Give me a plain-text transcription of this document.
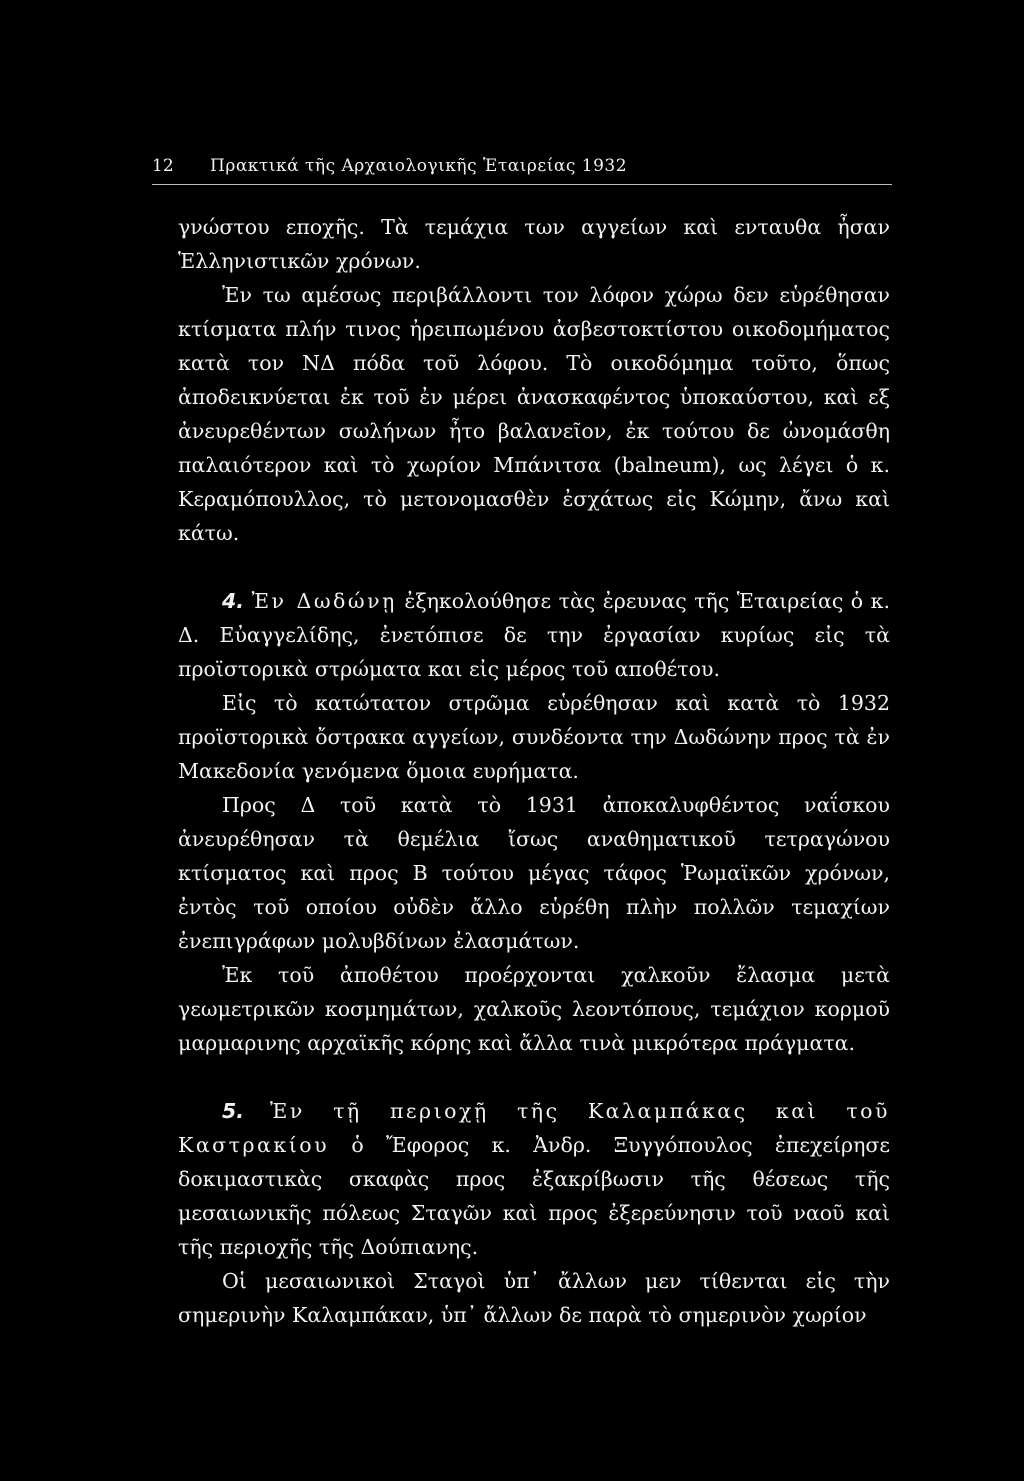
12 Πρακτικά τῆς Αρχαιολογικῆς Ἑταιρείας 1932

γνώστου εποχῆς. Τὰ τεμάχια των αγγείων καὶ ενταυθα ἦσαν Ἑλληνιστικῶν χρόνων.

Ἐν τω αμέσως περιβάλλοντι τον λόφον χώρω δεν εὑρέθησαν κτίσματα πλήν τινος ἠρειπωμένου ἀσβεστοκτίστου οικοδομήματος κατὰ τον ΝΔ πόδα τοῦ λόφου. Τὸ οικοδόμημα τοῦτο, ὅπως ἀποδεικνύεται ἐκ τοῦ ἐν μέρει ἀνασκαφέντος ὑποκαύστου, καὶ εξ ἀνευρεθέντων σωλήνων ἦτο βαλανεῖον, ἐκ τούτου δε ὠνομάσθη παλαιότερον καὶ τὸ χωρίον Μπάνιτσα (balneum), ως λέγει ὁ κ. Κεραμόπουλλος, τὸ μετονομασθὲν ἐσχάτως εἰς Κώμην, ἄνω καὶ κάτω.

4. Ἐν Δωδώνῃ ἐξηκολούθησε τὰς ἐρευνας τῆς Ἑταιρείας ὁ κ. Δ. Εὐαγγελίδης, ἐνετόπισε δε την ἐργασίαν κυρίως εἰς τὰ προϊστορικὰ στρώματα και εἰς μέρος τοῦ αποθέτου.

Εἰς τὸ κατώτατον στρῶμα εὑρέθησαν καὶ κατὰ τὸ 1932 προϊστορικὰ ὄστρακα αγγείων, συνδέοντα την Δωδώνην προς τὰ ἐν Μακεδονία γενόμενα ὅμοια ευρήματα.

Προς Δ τοῦ κατὰ τὸ 1931 ἀποκαλυφθέντος ναΐσκου ἀνευρέθησαν τὰ θεμέλια ἴσως αναθηματικοῦ τετραγώνου κτίσματος καὶ προς Β τούτου μέγας τάφος Ῥωμαϊκῶν χρόνων, ἐντὸς τοῦ οποίου οὐδὲν ἄλλο εὑρέθη πλὴν πολλῶν τεμαχίων ἐνεπιγράφων μολυβδίνων ἐλασμάτων.

Ἐκ τοῦ ἀποθέτου προέρχονται χαλκοῦν ἔλασμα μετὰ γεωμετρικῶν κοσμημάτων, χαλκοῦς λεοντόπους, τεμάχιον κορμοῦ μαρμαρινης αρχαϊκῆς κόρης καὶ ἄλλα τινὰ μικρότερα πράγματα.

5. Ἐν τῇ περιοχῇ τῆς Καλαμπάκας καὶ τοῦ Καστρακίου ὁ Ἔφορος κ. Ἀνδρ. Ξυγγόπουλος ἐπεχείρησε δοκιμαστικὰς σκαφὰς προς ἐξακρίβωσιν τῆς θέσεως τῆς μεσαιωνικῆς πόλεως Σταγῶν καὶ προς ἐξερεύνησιν τοῦ ναοῦ καὶ τῆς περιοχῆς τῆς Δούπιανης.

Οἱ μεσαιωνικοὶ Σταγοὶ ὑπ᾽ ἄλλων μεν τίθενται εἰς τὴν σημερινὴν Καλαμπάκαν, ὑπ᾽ ἄλλων δε παρὰ τὸ σημερινὸν χωρίον
